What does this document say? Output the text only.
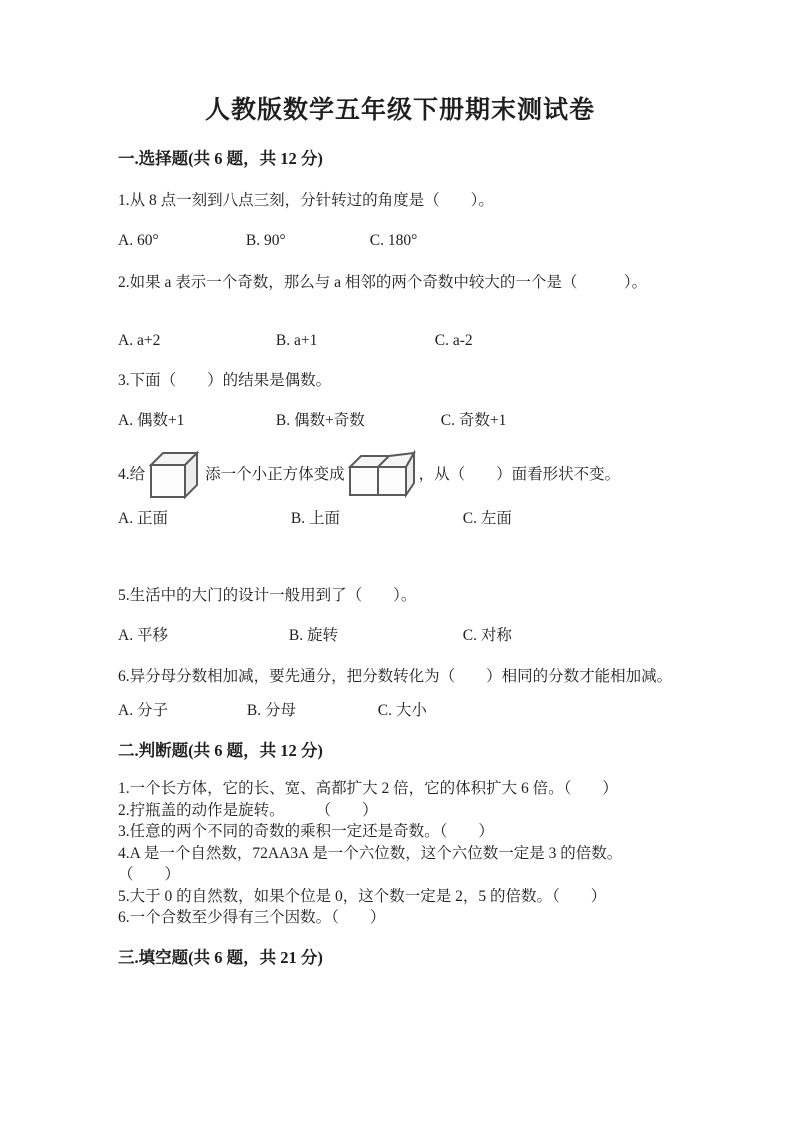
人教版数学五年级下册期末测试卷
一.选择题(共 6 题，共 12 分)

1.从 8 点一刻到八点三刻，分针转过的角度是（　　）。

A. 60°	B. 90°	C. 180°

2.如果 a 表示一个奇数，那么与 a 相邻的两个奇数中较大的一个是（　　　）。

A. a+2	B. a+1	C. a-2

3.下面（　　）的结果是偶数。

A. 偶数+1	B. 偶数+奇数	C. 奇数+1
4.给	添一个小正方体变成	，从（　　）面看形状不变。
A. 正面	B. 上面	C. 左面

5.生活中的大门的设计一般用到了（　　）。

A. 平移	B. 旋转	C. 对称

6.异分母分数相加减，要先通分，把分数转化为（　　）相同的分数才能相加减。

A. 分子	B. 分母	C. 大小
二.判断题(共 6 题，共 12 分)

1.一个长方体，它的长、宽、高都扩大 2 倍，它的体积扩大 6 倍。（　　）

2.拧瓶盖的动作是旋转。　　　（　　）

3.任意的两个不同的奇数的乘积一定还是奇数。（　　）

4.A 是一个自然数，72AA3A 是一个六位数，这个六位数一定是 3 的倍数。

（　　）

5.大于 0 的自然数，如果个位是 0，这个数一定是 2，5 的倍数。（　　）

6.一个合数至少得有三个因数。（　　）

三.填空题(共 6 题，共 21 分)
